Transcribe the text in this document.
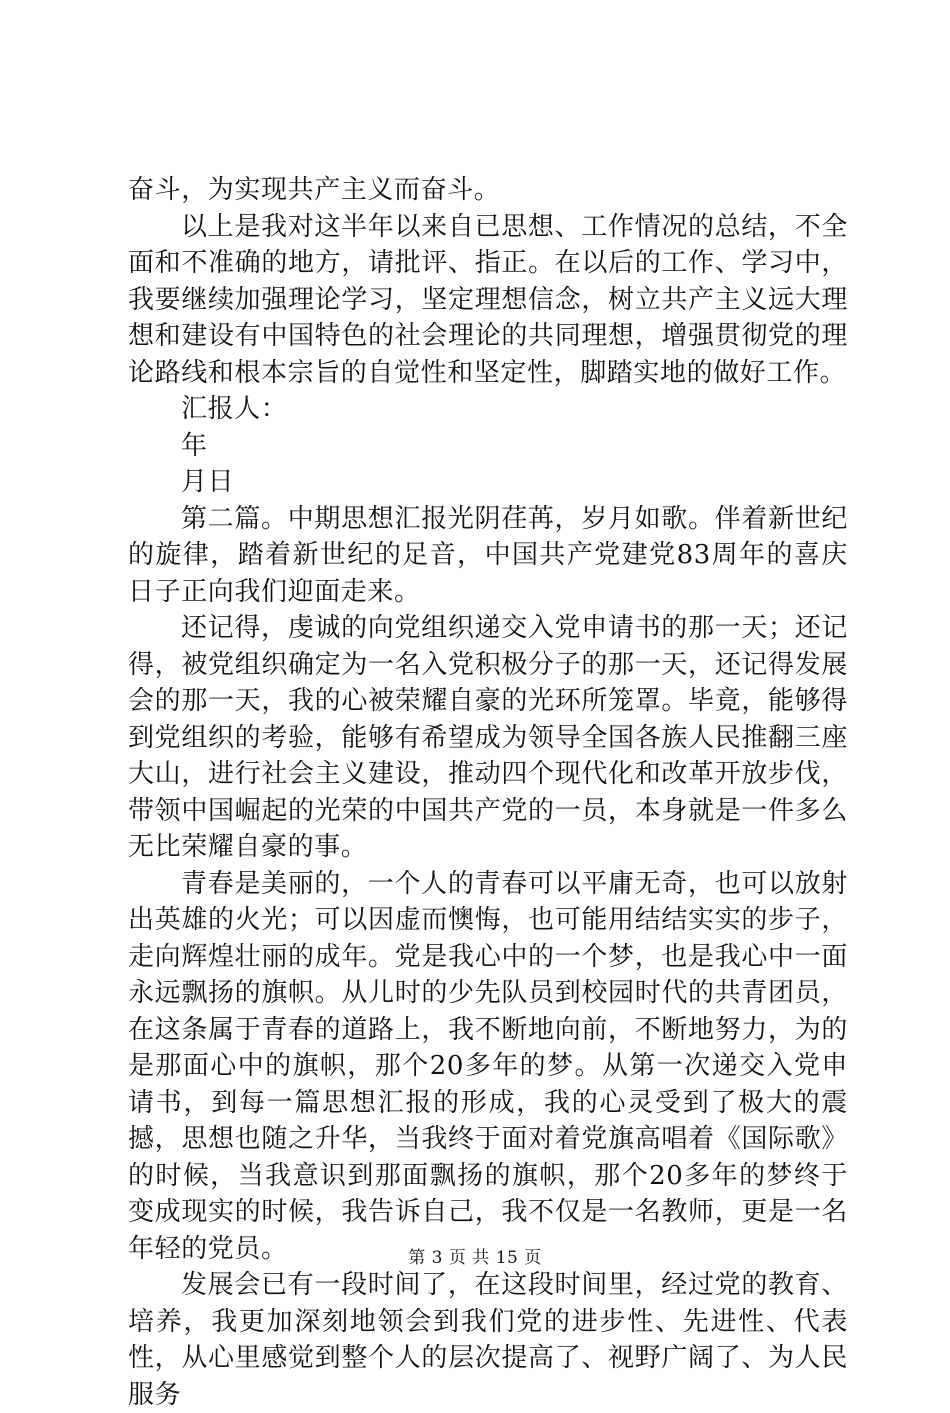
奋斗，为实现共产主义而奋斗。

以上是我对这半年以来自已思想、工作情况的总结，不全面和不准确的地方，请批评、指正。在以后的工作、学习中，我要继续加强理论学习，坚定理想信念，树立共产主义远大理想和建设有中国特色的社会理论的共同理想，增强贯彻党的理论路线和根本宗旨的自觉性和坚定性，脚踏实地的做好工作。

汇报人：

年

月日

第二篇。中期思想汇报光阴荏苒，岁月如歌。伴着新世纪的旋律，踏着新世纪的足音，中国共产党建党83周年的喜庆日子正向我们迎面走来。

还记得，虔诚的向党组织递交入党申请书的那一天；还记得，被党组织确定为一名入党积极分子的那一天，还记得发展会的那一天，我的心被荣耀自豪的光环所笼罩。毕竟，能够得到党组织的考验，能够有希望成为领导全国各族人民推翻三座大山，进行社会主义建设，推动四个现代化和改革开放步伐，带领中国崛起的光荣的中国共产党的一员，本身就是一件多么无比荣耀自豪的事。

青春是美丽的，一个人的青春可以平庸无奇，也可以放射出英雄的火光；可以因虚而懊悔，也可能用结结实实的步子，走向辉煌壮丽的成年。党是我心中的一个梦，也是我心中一面永远飘扬的旗帜。从儿时的少先队员到校园时代的共青团员，在这条属于青春的道路上，我不断地向前，不断地努力，为的是那面心中的旗帜，那个20多年的梦。从第一次递交入党申请书，到每一篇思想汇报的形成，我的心灵受到了极大的震撼，思想也随之升华，当我终于面对着党旗高唱着《国际歌》的时候，当我意识到那面飘扬的旗帜，那个20多年的梦终于变成现实的时候，我告诉自己，我不仅是一名教师，更是一名年轻的党员。

发展会已有一段时间了，在这段时间里，经过党的教育、培养，我更加深刻地领会到我们党的进步性、先进性、代表性，从心里感觉到整个人的层次提高了、视野广阔了、为人民服务

第 3 页 共 15 页
